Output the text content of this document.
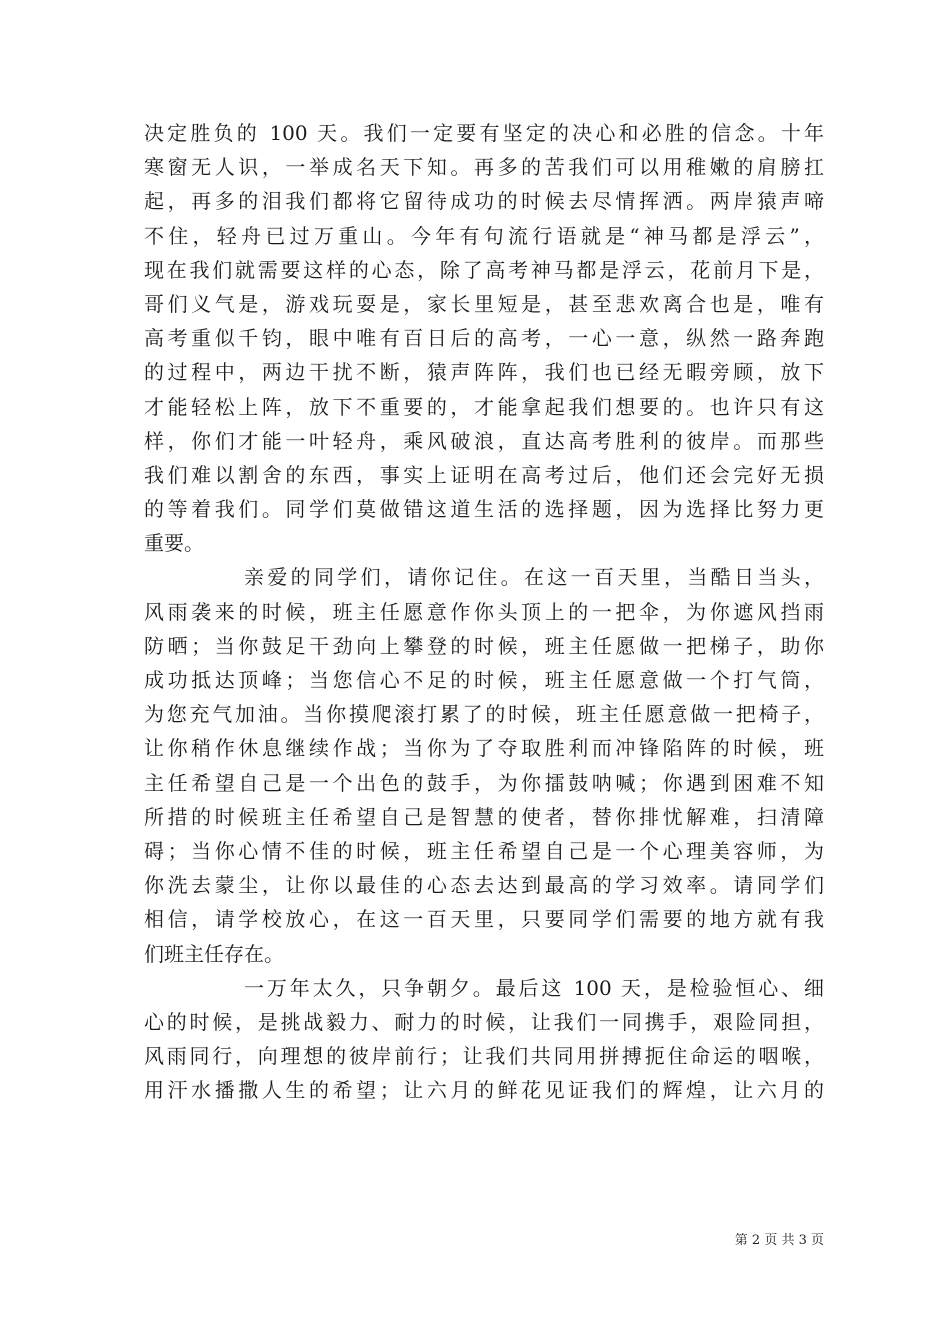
决定胜负的 100 天。我们一定要有坚定的决心和必胜的信念。十年
寒窗无人识，一举成名天下知。再多的苦我们可以用稚嫩的肩膀扛
起，再多的泪我们都将它留待成功的时候去尽情挥洒。两岸猿声啼
不住，轻舟已过万重山。今年有句流行语就是“神马都是浮云”，
现在我们就需要这样的心态，除了高考神马都是浮云，花前月下是，
哥们义气是，游戏玩耍是，家长里短是，甚至悲欢离合也是，唯有
高考重似千钧，眼中唯有百日后的高考，一心一意，纵然一路奔跑
的过程中，两边干扰不断，猿声阵阵，我们也已经无暇旁顾，放下
才能轻松上阵，放下不重要的，才能拿起我们想要的。也许只有这
样，你们才能一叶轻舟，乘风破浪，直达高考胜利的彼岸。而那些
我们难以割舍的东西，事实上证明在高考过后，他们还会完好无损
的等着我们。同学们莫做错这道生活的选择题，因为选择比努力更
重要。
亲爱的同学们，请你记住。在这一百天里，当酷日当头，
风雨袭来的时候，班主任愿意作你头顶上的一把伞，为你遮风挡雨
防晒；当你鼓足干劲向上攀登的时候，班主任愿做一把梯子，助你
成功抵达顶峰；当您信心不足的时候，班主任愿意做一个打气筒，
为您充气加油。当你摸爬滚打累了的时候，班主任愿意做一把椅子，
让你稍作休息继续作战；当你为了夺取胜利而冲锋陷阵的时候，班
主任希望自己是一个出色的鼓手，为你擂鼓呐喊；你遇到困难不知
所措的时候班主任希望自己是智慧的使者，替你排忧解难，扫清障
碍；当你心情不佳的时候，班主任希望自己是一个心理美容师，为
你洗去蒙尘，让你以最佳的心态去达到最高的学习效率。请同学们
相信，请学校放心，在这一百天里，只要同学们需要的地方就有我
们班主任存在。
一万年太久，只争朝夕。最后这 100 天，是检验恒心、细
心的时候，是挑战毅力、耐力的时候，让我们一同携手，艰险同担，
风雨同行，向理想的彼岸前行；让我们共同用拼搏扼住命运的咽喉，
用汗水播撒人生的希望；让六月的鲜花见证我们的辉煌，让六月的
第 2 页 共 3 页
